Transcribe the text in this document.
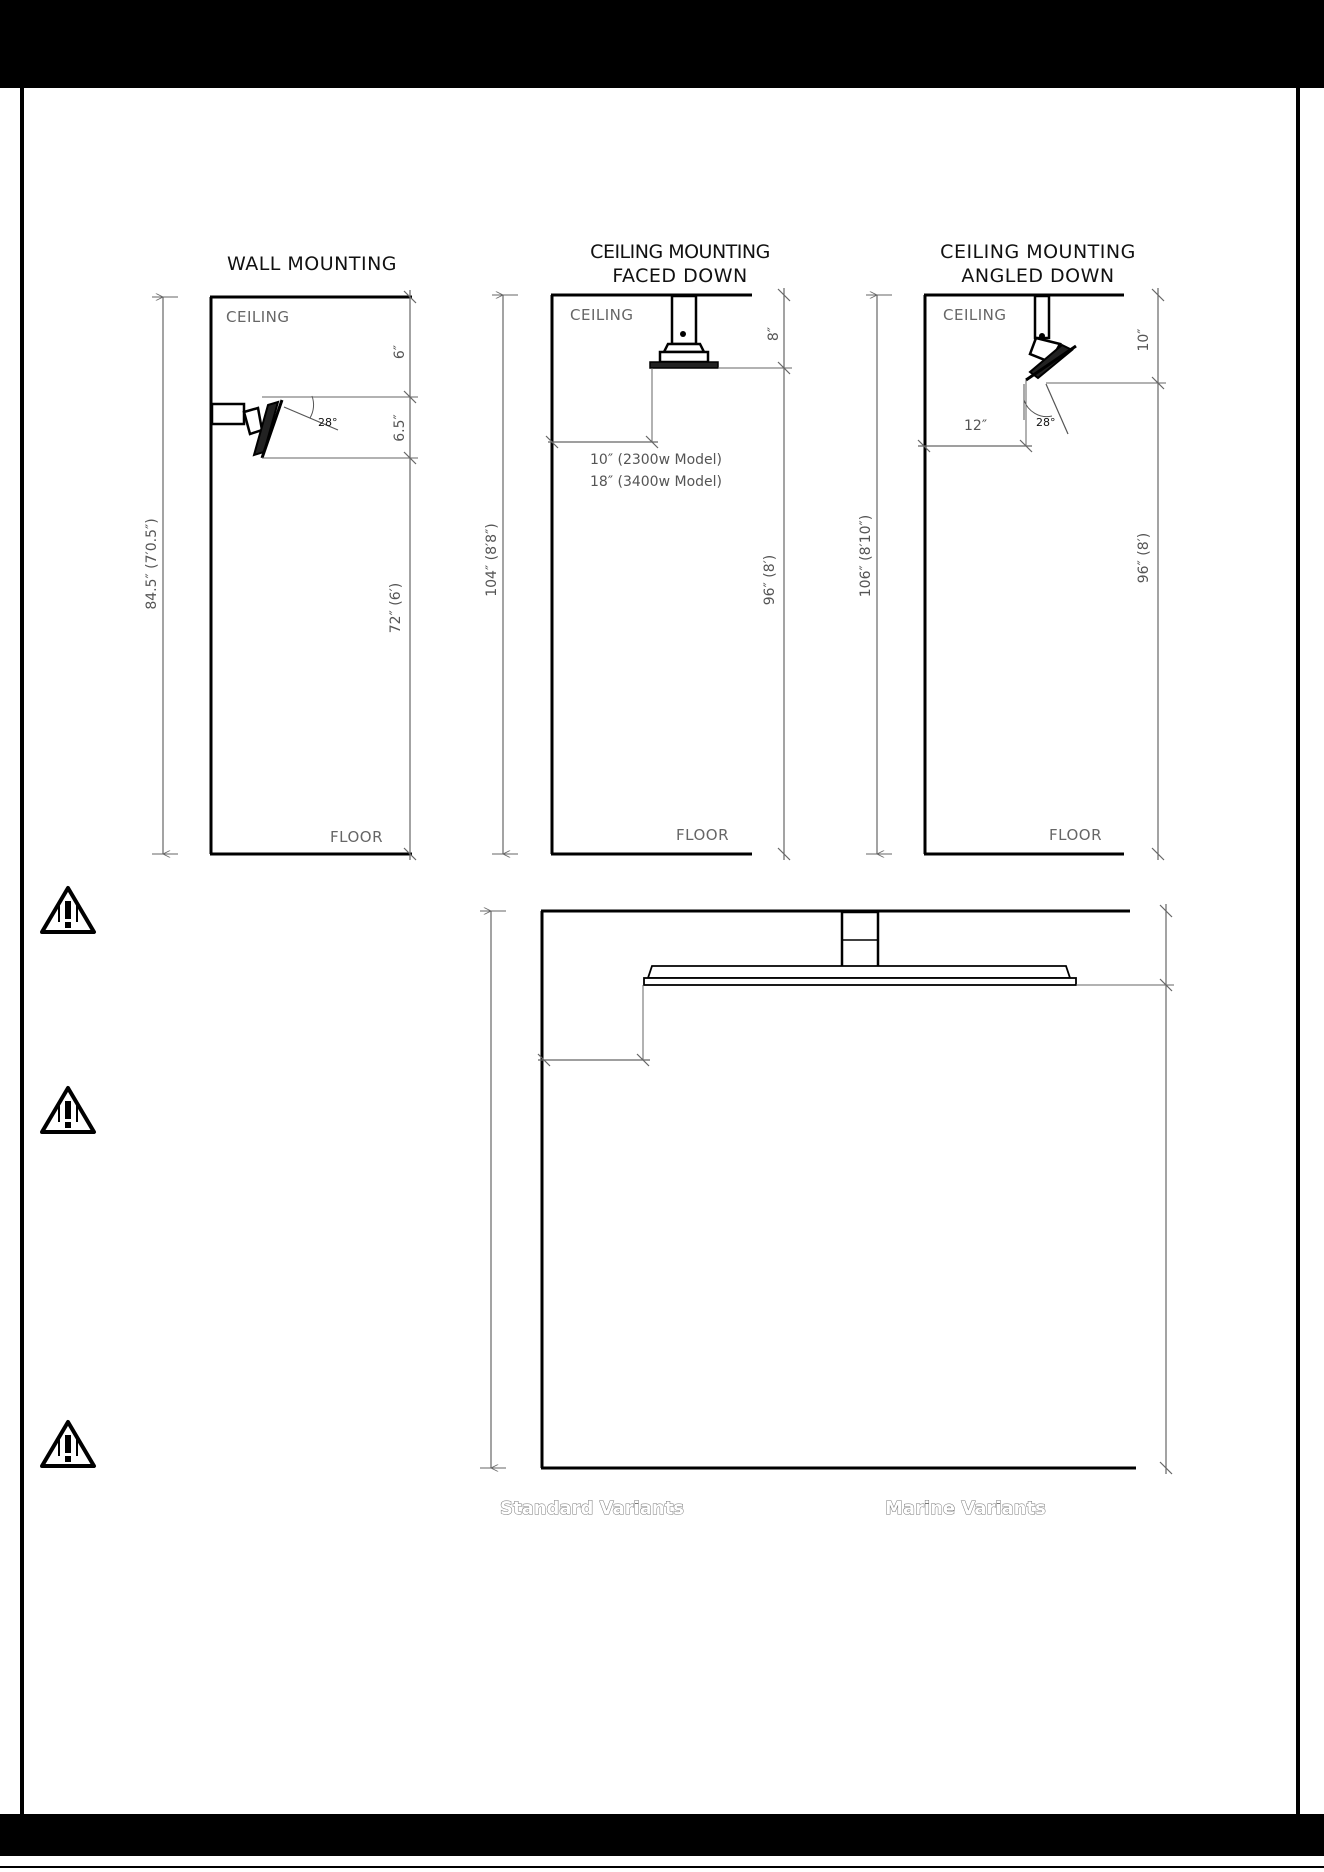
WALL MOUNTING
CEILING
FLOOR
28°
84.5″ (7′0.5″)
6″
6.5″
72″ (6′)
CEILING MOUNTING
FACED DOWN
CEILING
FLOOR
10″ (2300w Model)
18″ (3400w Model)
104″ (8′8″)
8″
96″ (8′)
CEILING MOUNTING
ANGLED DOWN
CEILING
FLOOR
28°
12″
106″ (8′10″)
10″
96″ (8′)
Standard Variants	Marine Variants
